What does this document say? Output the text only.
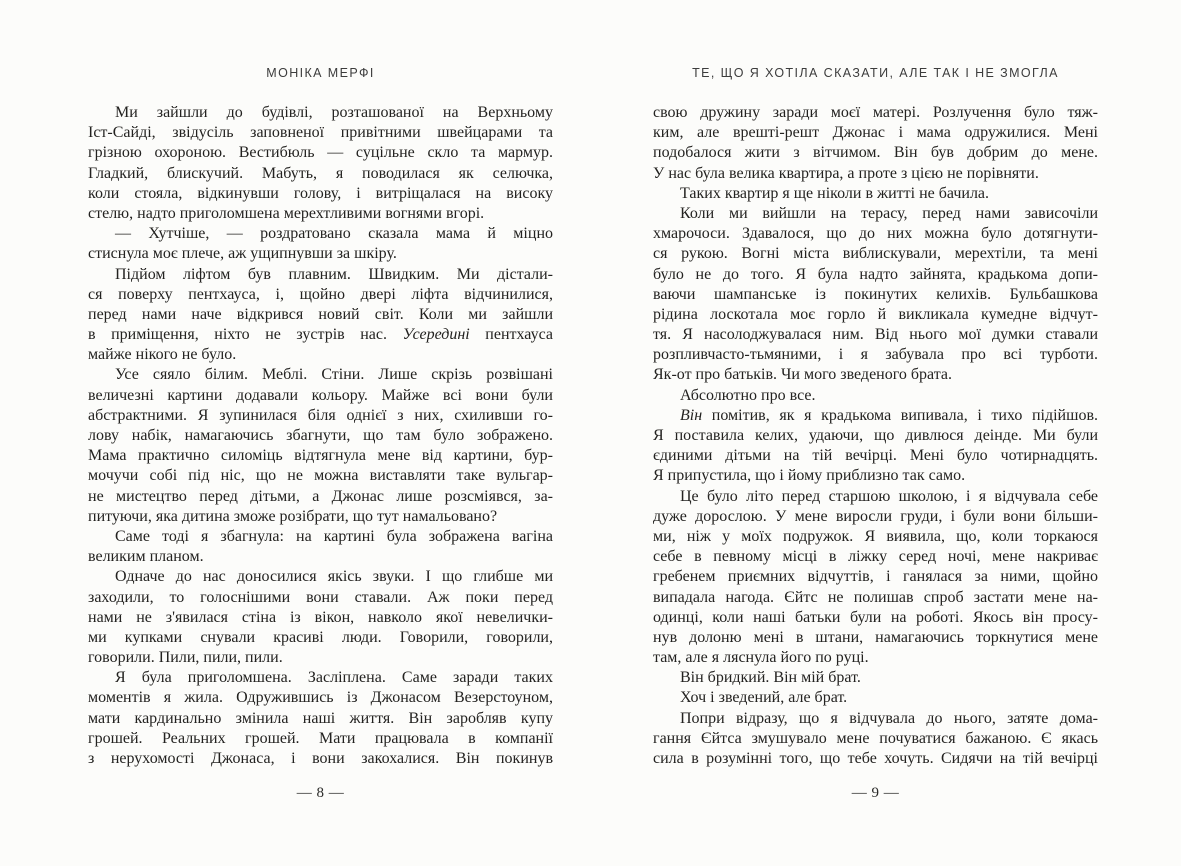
МОНІКА МЕРФІ
Ми зайшли до будівлі, розташованої на Верхньому
Іст-Сайді, звідусіль заповненої привітними швейцарами та
грізною охороною. Вестибюль — суцільне скло та мармур.
Гладкий, блискучий. Мабуть, я поводилася як селючка,
коли стояла, відкинувши голову, і витріщалася на високу
стелю, надто приголомшена мерехтливими вогнями вгорі.
— Хутчіше, — роздратовано сказала мама й міцно
стиснула моє плече, аж ущипнувши за шкіру.
Підйом ліфтом був плавним. Швидким. Ми дістали-
ся поверху пентхауса, і, щойно двері ліфта відчинилися,
перед нами наче відкрився новий світ. Коли ми зайшли
в приміщення, ніхто не зустрів нас. Усередині пентхауса
майже нікого не було.
Усе сяяло білим. Меблі. Стіни. Лише скрізь розвішані
величезні картини додавали кольору. Майже всі вони були
абстрактними. Я зупинилася біля однієї з них, схиливши го-
лову набік, намагаючись збагнути, що там було зображено.
Мама практично силоміць відтягнула мене від картини, бур-
мочучи собі під ніс, що не можна виставляти таке вульгар-
не мистецтво перед дітьми, а Джонас лише розсміявся, за-
питуючи, яка дитина зможе розібрати, що тут намальовано?
Саме тоді я збагнула: на картині була зображена вагіна
великим планом.
Одначе до нас доносилися якісь звуки. І що глибше ми
заходили, то голоснішими вони ставали. Аж поки перед
нами не з'явилася стіна із вікон, навколо якої невелички-
ми купками снували красиві люди. Говорили, говорили,
говорили. Пили, пили, пили.
Я була приголомшена. Засліплена. Саме заради таких
моментів я жила. Одружившись із Джонасом Везерстоуном,
мати кардинально змінила наші життя. Він заробляв купу
грошей. Реальних грошей. Мати працювала в компанії
з нерухомості Джонаса, і вони закохалися. Він покинув
— 8 —
ТЕ, ЩО Я ХОТІЛА СКАЗАТИ, АЛЕ ТАК І НЕ ЗМОГЛА
свою дружину заради моєї матері. Розлучення було тяж-
ким, але врешті-решт Джонас і мама одружилися. Мені
подобалося жити з вітчимом. Він був добрим до мене.
У нас була велика квартира, а проте з цією не порівняти.
Таких квартир я ще ніколи в житті не бачила.
Коли ми вийшли на терасу, перед нами зависочіли
хмарочоси. Здавалося, що до них можна було дотягнути-
ся рукою. Вогні міста виблискували, мерехтіли, та мені
було не до того. Я була надто зайнята, крадькома допи-
ваючи шампанське із покинутих келихів. Бульбашкова
рідина лоскотала моє горло й викликала кумедне відчут-
тя. Я насолоджувалася ним. Від нього мої думки ставали
розпливчасто-тьмяними, і я забувала про всі турботи.
Як-от про батьків. Чи мого зведеного брата.
Абсолютно про все.
Він помітив, як я крадькома випивала, і тихо підійшов.
Я поставила келих, удаючи, що дивлюся деінде. Ми були
єдиними дітьми на тій вечірці. Мені було чотирнадцять.
Я припустила, що і йому приблизно так само.
Це було літо перед старшою школою, і я відчувала себе
дуже дорослою. У мене виросли груди, і були вони більши-
ми, ніж у моїх подружок. Я виявила, що, коли торкаюся
себе в певному місці в ліжку серед ночі, мене накриває
гребенем приємних відчуттів, і ганялася за ними, щойно
випадала нагода. Єйтс не полишав спроб застати мене на-
одинці, коли наші батьки були на роботі. Якось він просу-
нув долоню мені в штани, намагаючись торкнутися мене
там, але я ляснула його по руці.
Він бридкий. Він мій брат.
Хоч і зведений, але брат.
Попри відразу, що я відчувала до нього, затяте дома-
гання Єйтса змушувало мене почуватися бажаною. Є якась
сила в розумінні того, що тебе хочуть. Сидячи на тій вечірці
— 9 —
